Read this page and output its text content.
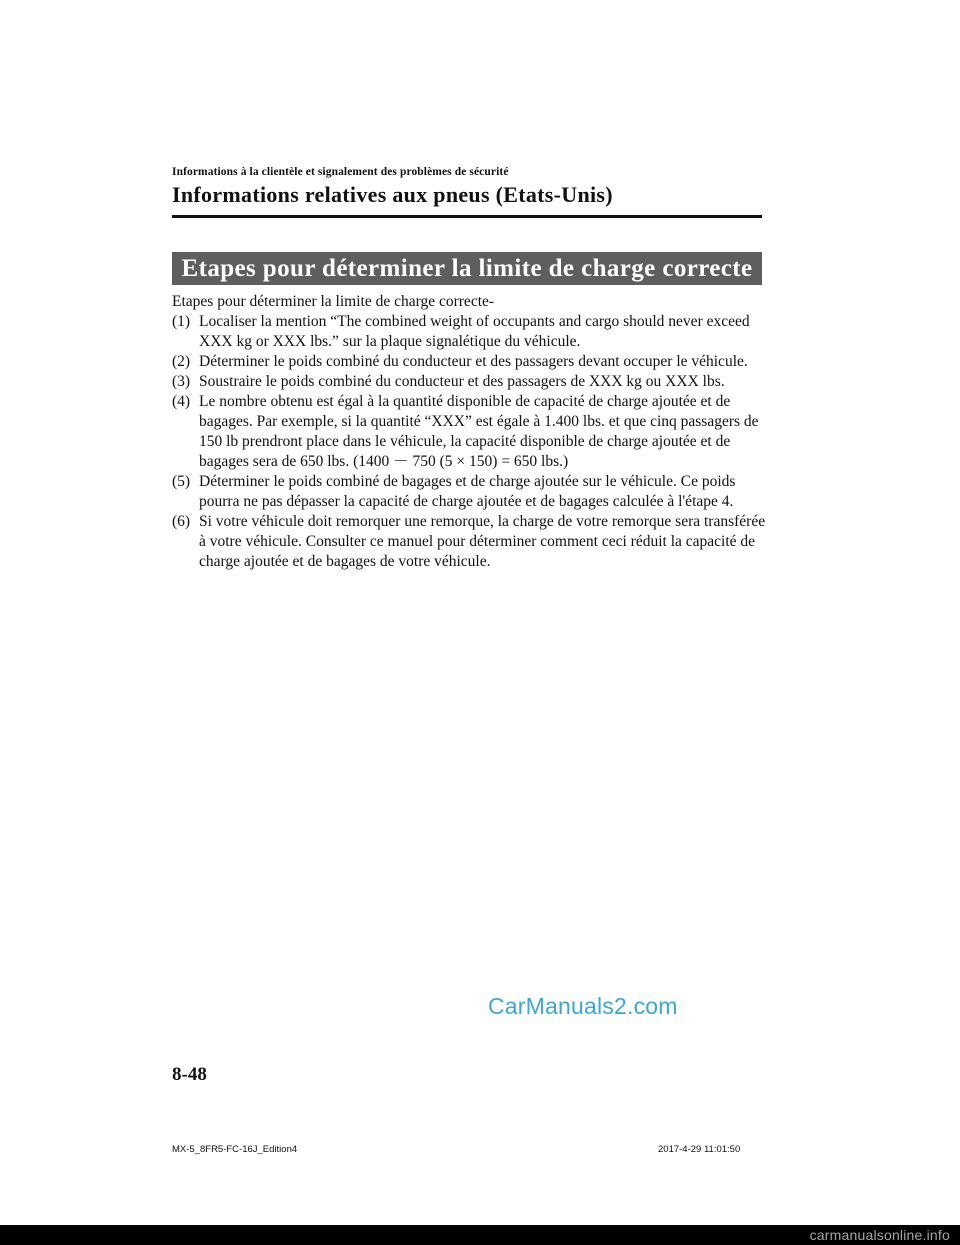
Informations à la clientèle et signalement des problèmes de sécurité
Informations relatives aux pneus (Etats-Unis)
Etapes pour déterminer la limite de charge correcte

Etapes pour déterminer la limite de charge correcte-

(1) Localiser la mention “The combined weight of occupants and cargo should never exceed XXX kg or XXX lbs.” sur la plaque signalétique du véhicule.
(2) Déterminer le poids combiné du conducteur et des passagers devant occuper le véhicule.
(3) Soustraire le poids combiné du conducteur et des passagers de XXX kg ou XXX lbs.
(4) Le nombre obtenu est égal à la quantité disponible de capacité de charge ajoutée et de bagages. Par exemple, si la quantité “XXX” est égale à 1.400 lbs. et que cinq passagers de 150 lb prendront place dans le véhicule, la capacité disponible de charge ajoutée et de bagages sera de 650 lbs. (1400 － 750 (5 × 150) = 650 lbs.)
(5) Déterminer le poids combiné de bagages et de charge ajoutée sur le véhicule. Ce poids pourra ne pas dépasser la capacité de charge ajoutée et de bagages calculée à l'étape 4.
(6) Si votre véhicule doit remorquer une remorque, la charge de votre remorque sera transférée à votre véhicule. Consulter ce manuel pour déterminer comment ceci réduit la capacité de charge ajoutée et de bagages de votre véhicule.
CarManuals2.com
8-48
MX-5_8FR5-FC-16J_Edition4	2017-4-29 11:01:50
carmanualsonline.info
